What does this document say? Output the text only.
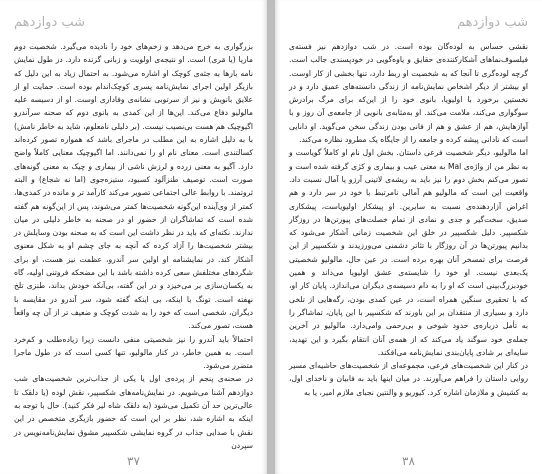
شب دوازدهم

بزرگواری به خرج می‌دهد و زخم‌های خود را نادیده می‌گیرد. شخصیت دوم ماریا (یا مَری) است. او نتیجه‌ی اولویت و زبانی گزنده دارد. در طول نمایش نامه بارها به جثه‌ی کوچک او اشاره می‌شود. به احتمال زیاد به این دلیل که بازیگر اولین اجرای نمایش‌نامه پسری کوچک‌اندام بوده است. حمایت او از علایق بانویش و نیز از سرتوبی نشانه‌ی وفاداری اوست. او از دسیسه علیه مالولیو دفاع می‌کند. این‌ها از این کمدی به بانوی دوم که صحنه سرآندرو اگیوچیک هم هست بی‌نصیب نیست. (بر دلیلی نامعلوم، شاید به خاطر نامش) با به دلیل اشاره به این مطلب در ماجرای باشد که همواره تصور کرده‌اند کسالتندی است. معنای نام او را نمی‌دانند. اما اگیوچیک معنایی کاملاً واضح دارد. آگیو به معنی زرده و لرزش ناشی از بیماری و چیک به معنی گونه‌های صورت است. توصیف طنزآلود کسبود، ستیزه‌جوی (اما نه شجاع) و البته ثروتمند. با روابط عالی اجتماعی تصویر می‌کند کارآمد تر و مانده در کمدی‌ها، کمتر از وی‌آینده این‌گونه شخصیت‌ها کمتر می‌شوند، پس از این‌گونه هم گفته شده است که تماشاگران از حضور او در صحنه به خاطر دلیلی در میان ندارند. نکته‌ای که باید در نظر داشت این است که به صحنه بودن وسایلش در بیشتر شخصیت‌ها را آزاد کرده که آنچه به جای چشم او به شکل معنوی آشکار کند. در نمایشنامه او اولین سر آندرو، عظمت نیز هست، او برای شگرد‌های مختلفش سعی کرده داشته باشد با این مضحکه فروتنی اولیه، گاه به یکسان‌سازی بر می‌خیزد و در این گفته، بی‌آنکه خودش بداند، طنزی تلخ نهفته است. تونگ با اینکه، بی اینکه گفته شود، سر آندرو در مقایسه با دیگران، شخصی است که خود را به شدت کوچک و ضعیف تر از آن چه واقعاً هست، تصور می‌کند.

احتمالاً باید آندرو را نیز شخصیتی منفی دانست زیرا زیاده‌طلب و کم‌خرد است. به همین خاطر، در کنار مالولیو، تنها کسی است که در طول ماجرا متضرر می‌شود.

در صحنه‌ی پنجم از پرده‌ی اول یا یکی از جذاب‌ترین شخصیت‌های شب دوازدهم آشنا می‌شویم. در نمایش‌نامه‌های شکسپیر، نقش لوده (یا دلقک تا عالی‌ترین حد آن تکمیل می‌شود (به دلقک شاه لیر فکر کنید). حال با توجه به اینکه به اشاره شد، نظر بر این است که حضور بازیگری متخصص در این نقش با صدایی جذاب در گروه نمایشی شکسپیر مشوق نمایش‌نامه‌نویس در سپردن

۳۷
شب دوازدهم

نقشی حساس به لوده‌گان بوده است. در شب دوازدهم نیز فسته‌ی فیلسوف‌نماهای آشکارکننده‌ی حقایق و یاوه‌گویی در خودپسندی جالب است. گرچه لوده‌گری تا آنجا که به شخصیت او ربط دارد، تنها بخشی از کار اوست. او بیشتر از دیگر اشخاص نمایش‌نامه از زندگی دانسته‌های عمیق دارد و در نخستین برخورد با اولیویا، بانوی خود را از این‌که برای مرگ برادرش سوگواری می‌کند، ملامت می‌کند. او به‌مثابه‌ی بانویی از جامعه‌ی آن روز و با آوازهایش، هم از عشق و هم از فانی بودن زندگی سخن می‌گوید. او دانایی است که نادانی پیشه کرده و جامعه را از جایگاه یک مطرود نظاره می‌کند.

اما مالولیو، دیگر شخصیت فرعی داستان. بخش اول نام او کاملاً گویاست و به نظر من از واژه‌ی Mal به معنی عیب و بیماری و کژی گرفته شده است و تصور می‌کنم بخش دوم را نیز باید به ریشه‌ی لاتینی آرزو یا آمال نسبت داد. واقعیت این است که مالولیو هم آمالی نامرتبط با خود در سر دارد و هم اغراض آزاردهنده‌ی نسبت به سایرین. او پیشکار اولیویاست، پیشکاری صدیق، سخت‌گیر و جدی و نمادی از تمام خصلت‌های پیورتن‌ها در روزگار شکسپیر. دلیل شکسپیر در خلق این شخصیت زمانی آشکار می‌شود که بدانیم پیورتن‌ها در آن روزگار با تئاتر دشمنی می‌ورزیدند و شکسپیر از این فرصت برای تمسخر آنان بهره برده است. در عین حال، مالولیو شخصیتی یک‌بعدی نیست. او خود را شایسته‌ی عشق اولیویا می‌داند و همین خودبزرگ‌بینی است که او را به دام دسیسه‌ی دیگران می‌اندازد. پایان کار او، که با تحقیری سنگین همراه است، در عین کمدی بودن، رگه‌هایی از تلخی دارد و بسیاری از منتقدان بر این باورند که شکسپیر با این پایان، تماشاگر را به تأمل درباره‌ی حدود شوخی و بی‌رحمی وامی‌دارد. مالولیو در آخرین جمله‌ی خود سوگند یاد می‌کند که از همه‌ی آنان انتقام بگیرد و این تهدید، سایه‌ای بر شادی پایان‌بندی نمایش‌نامه می‌افکند.

در کنار این شخصیت‌های فرعی، مجموعه‌ای از شخصیت‌های حاشیه‌ای مسیر روایی داستان را فراهم می‌آورند. در میان اینها باید به فابیان و ناخدای اول، به کشیش و ملازمان اشاره کرد. کیوریو و والنتین نجبای ملازم امیر، یا به

۳۸
